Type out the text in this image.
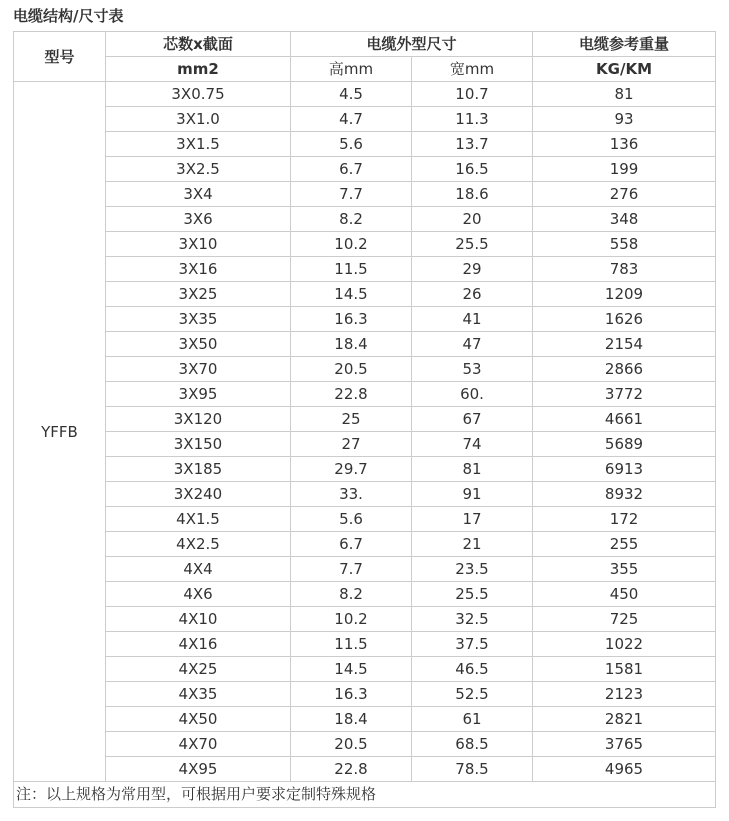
电缆结构/尺寸表
型号	芯数x截面	电缆外型尺寸		电缆参考重量
	mm2	高mm	宽mm	KG/KM
YFFB	3X0.75	4.5	10.7	81
	3X1.0	4.7	11.3	93
	3X1.5	5.6	13.7	136
	3X2.5	6.7	16.5	199
	3X4	7.7	18.6	276
	3X6	8.2	20	348
	3X10	10.2	25.5	558
	3X16	11.5	29	783
	3X25	14.5	26	1209
	3X35	16.3	41	1626
	3X50	18.4	47	2154
	3X70	20.5	53	2866
	3X95	22.8	60.	3772
	3X120	25	67	4661
	3X150	27	74	5689
	3X185	29.7	81	6913
	3X240	33.	91	8932
	4X1.5	5.6	17	172
	4X2.5	6.7	21	255
	4X4	7.7	23.5	355
	4X6	8.2	25.5	450
	4X10	10.2	32.5	725
	4X16	11.5	37.5	1022
	4X25	14.5	46.5	1581
	4X35	16.3	52.5	2123
	4X50	18.4	61	2821
	4X70	20.5	68.5	3765
	4X95	22.8	78.5	4965
注：以上规格为常用型，可根据用户要求定制特殊规格				
